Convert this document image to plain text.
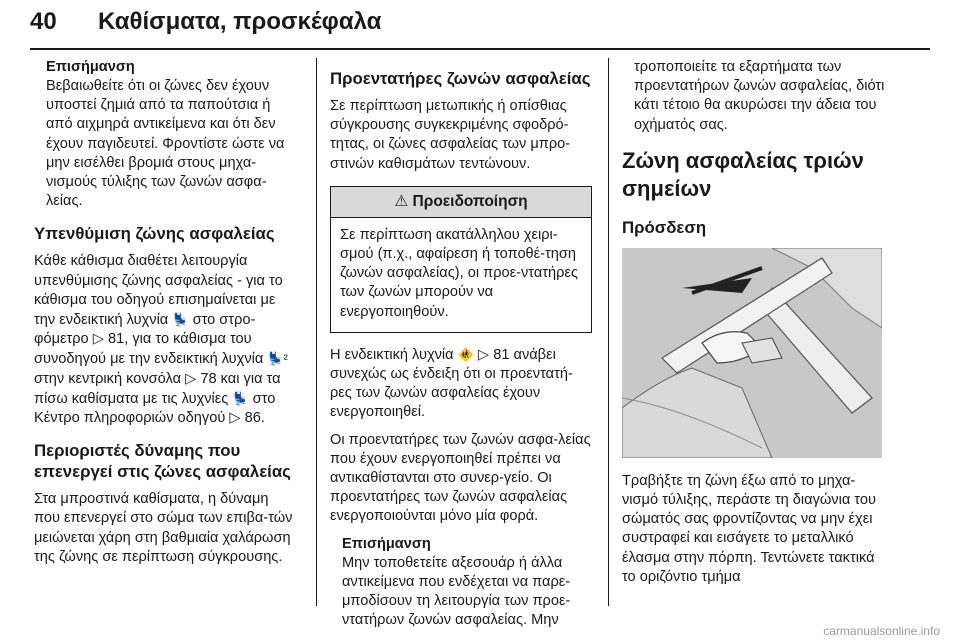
40 Καθίσματα, προσκέφαλα
Επισήμανση

Βεβαιωθείτε ότι οι ζώνες δεν έχουν υποστεί ζημιά από τα παπούτσια ή από αιχμηρά αντικείμενα και ότι δεν έχουν παγιδευτεί. Φροντίστε ώστε να μην εισέλθει βρομιά στους μηχα-νισμούς τύλιξης των ζωνών ασφα-λείας.

Υπενθύμιση ζώνης ασφαλείας

Κάθε κάθισμα διαθέτει λειτουργία υπενθύμισης ζώνης ασφαλείας - για το κάθισμα του οδηγού επισημαίνεται με την ενδεικτική λυχνία 💺 στο στρο-φόμετρο ▷ 81, για το κάθισμα του συνοδηγού με την ενδεικτική λυχνία 💺² στην κεντρική κονσόλα ▷ 78 και για τα πίσω καθίσματα με τις λυχνίες 💺 στο Κέντρο πληροφοριών οδηγού ▷ 86.

Περιοριστές δύναμης που επενεργεί στις ζώνες ασφαλείας

Στα μπροστινά καθίσματα, η δύναμη που επενεργεί στο σώμα των επιβα-τών μειώνεται χάρη στη βαθμιαία χαλάρωση της ζώνης σε περίπτωση σύγκρουσης.

Προεντατήρες ζωνών ασφαλείας

Σε περίπτωση μετωπικής ή οπίσθιας σύγκρουσης συγκεκριμένης σφοδρό-τητας, οι ζώνες ασφαλείας των μπρο-στινών καθισμάτων τεντώνουν.

⚠ Προειδοποίηση

Σε περίπτωση ακατάλληλου χειρι-σμού (π.χ., αφαίρεση ή τοποθέ-τηση ζωνών ασφαλείας), οι προε-ντατήρες των ζωνών μπορούν να ενεργοποιηθούν.

Η ενδεικτική λυχνία 🚸 ▷ 81 ανάβει συνεχώς ως ένδειξη ότι οι προεντατή-ρες των ζωνών ασφαλείας έχουν ενεργοποιηθεί.

Οι προεντατήρες των ζωνών ασφα-λείας που έχουν ενεργοποιηθεί πρέπει να αντικαθίστανται στο συνερ-γείο. Οι προεντατήρες των ζωνών ασφαλείας ενεργοποιούνται μόνο μία φορά.

Επισήμανση

Μην τοποθετείτε αξεσουάρ ή άλλα αντικείμενα που ενδέχεται να παρε-μποδίσουν τη λειτουργία των προε-ντατήρων ζωνών ασφαλείας. Μην

τροποποιείτε τα εξαρτήματα των προεντατήρων ζωνών ασφαλείας, διότι κάτι τέτοιο θα ακυρώσει την άδεια του οχήματός σας.

Ζώνη ασφαλείας τριών σημείων
Πρόσδεση

Τραβήξτε τη ζώνη έξω από το μηχα-νισμό τύλιξης, περάστε τη διαγώνια του σώματός σας φροντίζοντας να μην έχει συστραφεί και εισάγετε το μεταλλικό έλασμα στην πόρπη. Τεντώνετε τακτικά το οριζόντιο τμήμα

carmanualsonline.info
